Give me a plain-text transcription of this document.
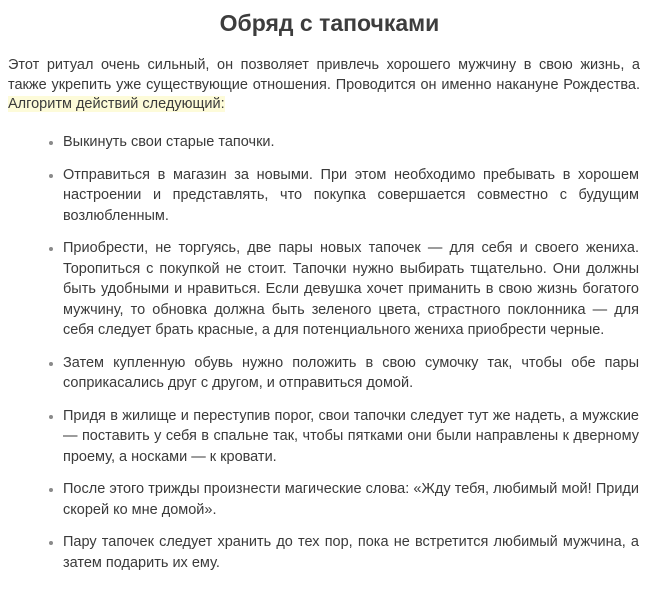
Обряд с тапочками

Этот ритуал очень сильный, он позволяет привлечь хорошего мужчину в свою жизнь, а также укрепить уже существующие отношения. Проводится он именно накануне Рождества. Алгоритм действий следующий:

Выкинуть свои старые тапочки.
Отправиться в магазин за новыми. При этом необходимо пребывать в хорошем настроении и представлять, что покупка совершается совместно с будущим возлюбленным.
Приобрести, не торгуясь, две пары новых тапочек — для себя и своего жениха. Торопиться с покупкой не стоит. Тапочки нужно выбирать тщательно. Они должны быть удобными и нравиться. Если девушка хочет приманить в свою жизнь богатого мужчину, то обновка должна быть зеленого цвета, страстного поклонника — для себя следует брать красные, а для потенциального жениха приобрести черные.
Затем купленную обувь нужно положить в свою сумочку так, чтобы обе пары соприкасались друг с другом, и отправиться домой.
Придя в жилище и переступив порог, свои тапочки следует тут же надеть, а мужские — поставить у себя в спальне так, чтобы пятками они были направлены к дверному проему, а носками — к кровати.
После этого трижды произнести магические слова: «Жду тебя, любимый мой! Приди скорей ко мне домой».
Пару тапочек следует хранить до тех пор, пока не встретится любимый мужчина, а затем подарить их ему.
